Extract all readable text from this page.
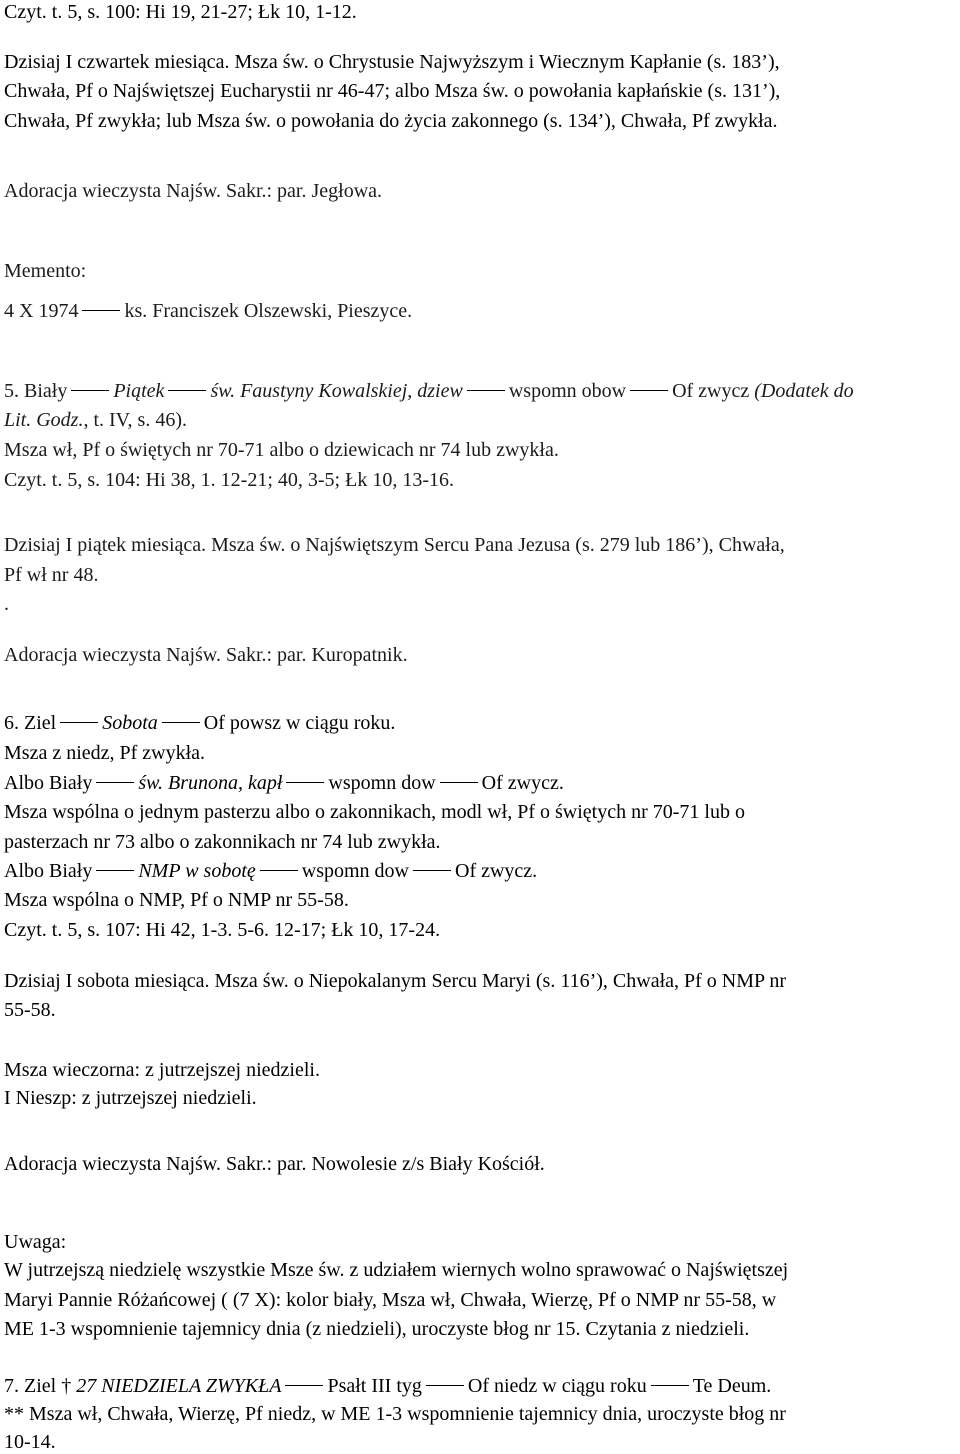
Czyt. t. 5, s. 100: Hi 19, 21-27; Łk 10, 1-12.
Dzisiaj I czwartek miesiąca. Msza św. o Chrystusie Najwyższym i Wiecznym Kapłanie (s. 183’),
Chwała, Pf o Najświętszej Eucharystii nr 46-47; albo Msza św. o powołania kapłańskie (s. 131’),
Chwała, Pf zwykła; lub Msza św. o powołania do życia zakonnego (s. 134’), Chwała, Pf zwykła.
Adoracja wieczysta Najśw. Sakr.: par. Jegłowa.
Memento:
4 X 1974 ks. Franciszek Olszewski, Pieszyce.
5. Biały Piątek św. Faustyny Kowalskiej, dziew wspomn obow Of zwycz (Dodatek do
Lit. Godz., t. IV, s. 46).
Msza wł, Pf o świętych nr 70-71 albo o dziewicach nr 74 lub zwykła.
Czyt. t. 5, s. 104: Hi 38, 1. 12-21; 40, 3-5; Łk 10, 13-16.
Dzisiaj I piątek miesiąca. Msza św. o Najświętszym Sercu Pana Jezusa (s. 279 lub 186’), Chwała,
Pf wł nr 48.
.
Adoracja wieczysta Najśw. Sakr.: par. Kuropatnik.
6. Ziel Sobota Of powsz w ciągu roku.
Msza z niedz, Pf zwykła.
Albo Biały św. Brunona, kapł wspomn dow Of zwycz.
Msza wspólna o jednym pasterzu albo o zakonnikach, modl wł, Pf o świętych nr 70-71 lub o
pasterzach nr 73 albo o zakonnikach nr 74 lub zwykła.
Albo Biały NMP w sobotę wspomn dow Of zwycz.
Msza wspólna o NMP, Pf o NMP nr 55-58.
Czyt. t. 5, s. 107: Hi 42, 1-3. 5-6. 12-17; Łk 10, 17-24.
Dzisiaj I sobota miesiąca. Msza św. o Niepokalanym Sercu Maryi (s. 116’), Chwała, Pf o NMP nr
55-58.
Msza wieczorna: z jutrzejszej niedzieli.
I Nieszp: z jutrzejszej niedzieli.
Adoracja wieczysta Najśw. Sakr.: par. Nowolesie z/s Biały Kościół.
Uwaga:
W jutrzejszą niedzielę wszystkie Msze św. z udziałem wiernych wolno sprawować o Najświętszej
Maryi Pannie Różańcowej ( (7 X): kolor biały, Msza wł, Chwała, Wierzę, Pf o NMP nr 55-58, w
ME 1-3 wspomnienie tajemnicy dnia (z niedzieli), uroczyste błog nr 15. Czytania z niedzieli.
7. Ziel † 27 NIEDZIELA ZWYKŁA Psałt III tyg Of niedz w ciągu roku Te Deum.
** Msza wł, Chwała, Wierzę, Pf niedz, w ME 1-3 wspomnienie tajemnicy dnia, uroczyste błog nr
10-14.
